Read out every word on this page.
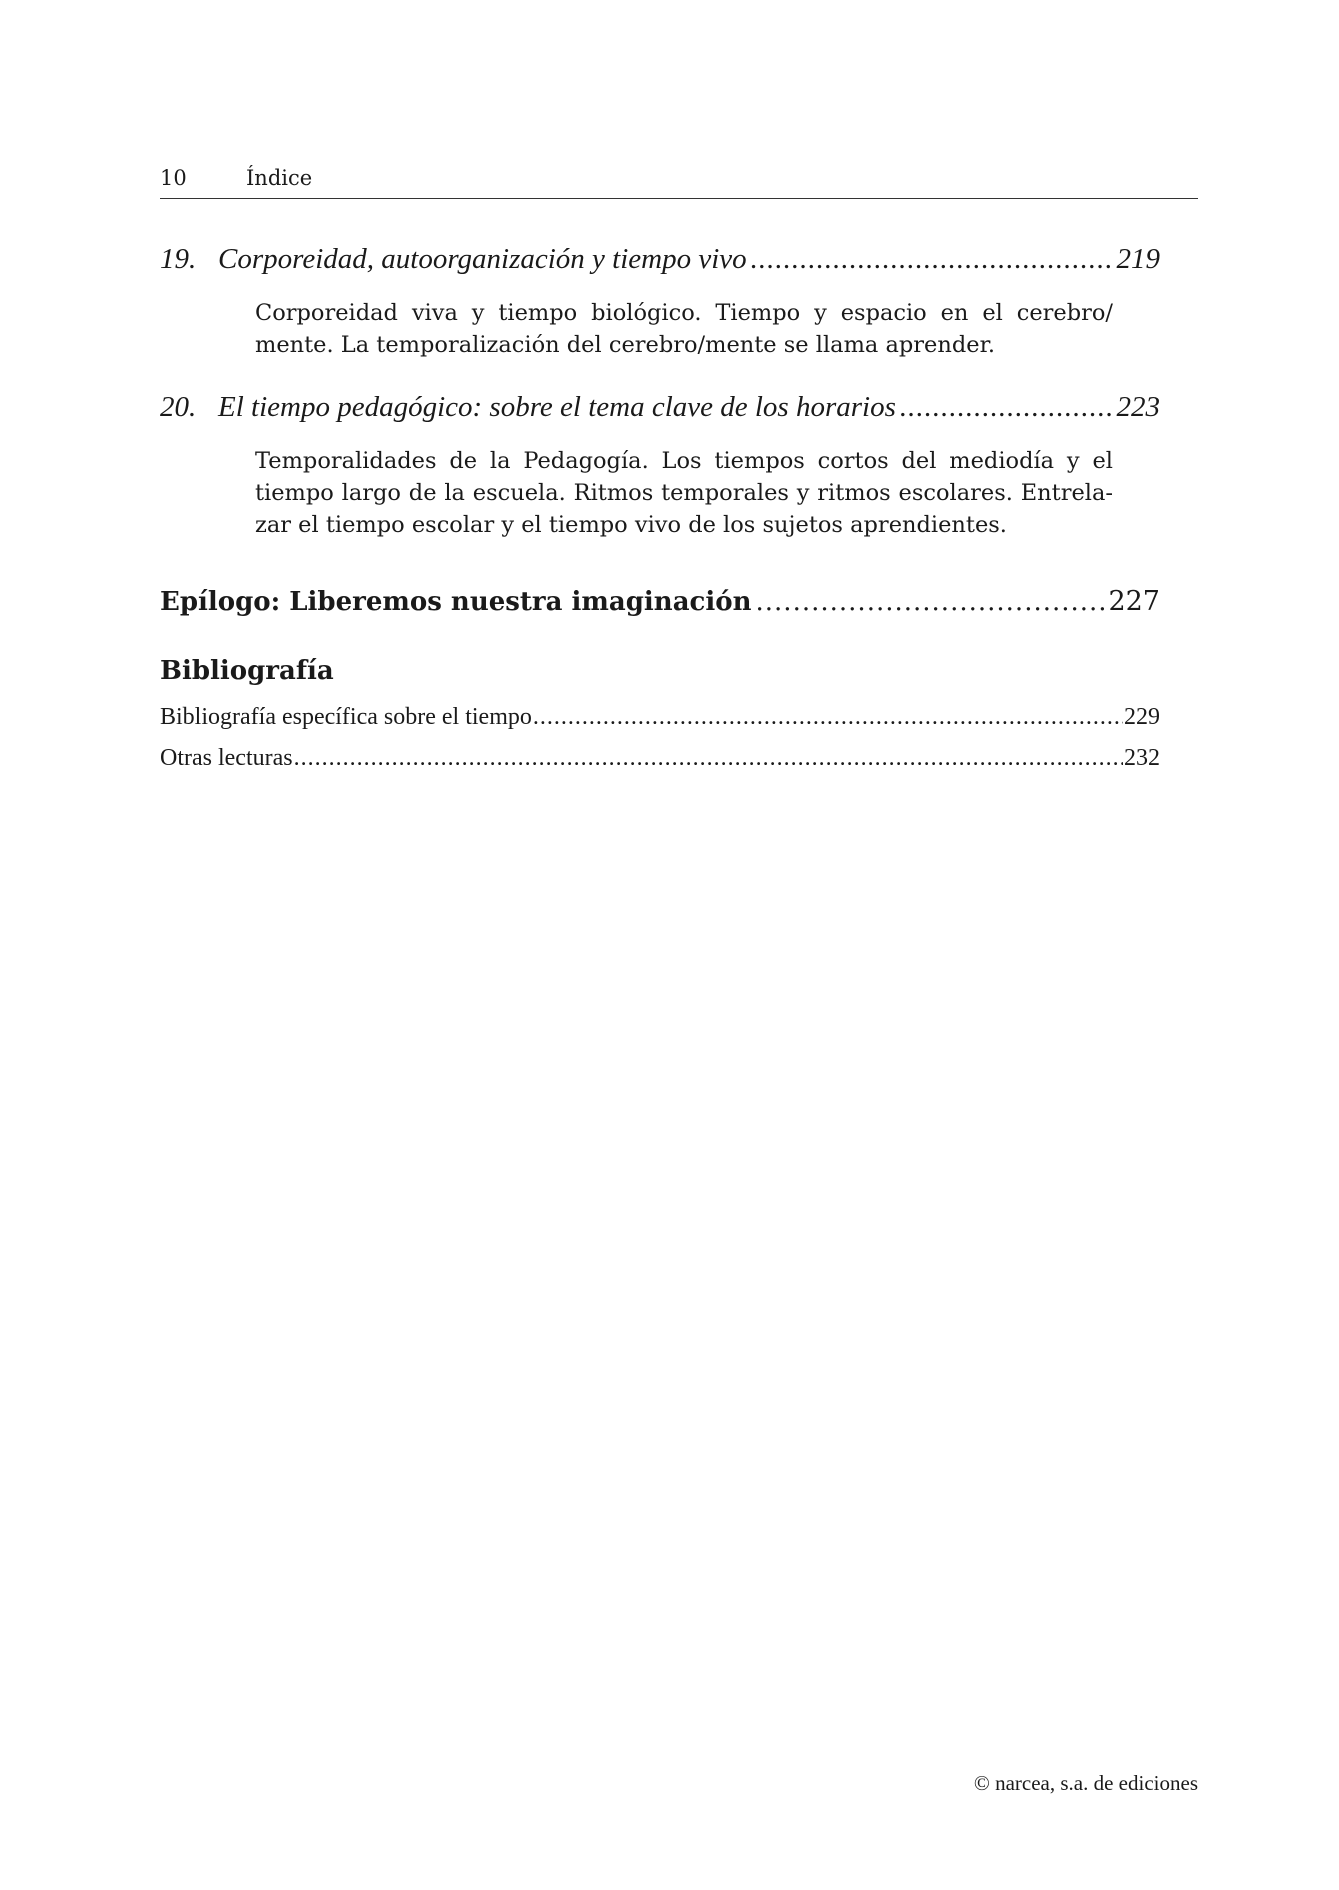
10	Índice
19. Corporeidad, autoorganización y tiempo vivo .....	219
Corporeidad viva y tiempo biológico. Tiempo y espacio en el cerebro/
mente. La temporalización del cerebro/mente se llama aprender.
20. El tiempo pedagógico: sobre el tema clave de los horarios .....	223
Temporalidades de la Pedagogía. Los tiempos cortos del mediodía y el
tiempo largo de la escuela. Ritmos temporales y ritmos escolares. Entrela-
zar el tiempo escolar y el tiempo vivo de los sujetos aprendientes.
Epílogo: Liberemos nuestra imaginación .....	227
Bibliografía
Bibliografía específica sobre el tiempo .....	229
Otras lecturas .....	232
© narcea, s.a. de ediciones
